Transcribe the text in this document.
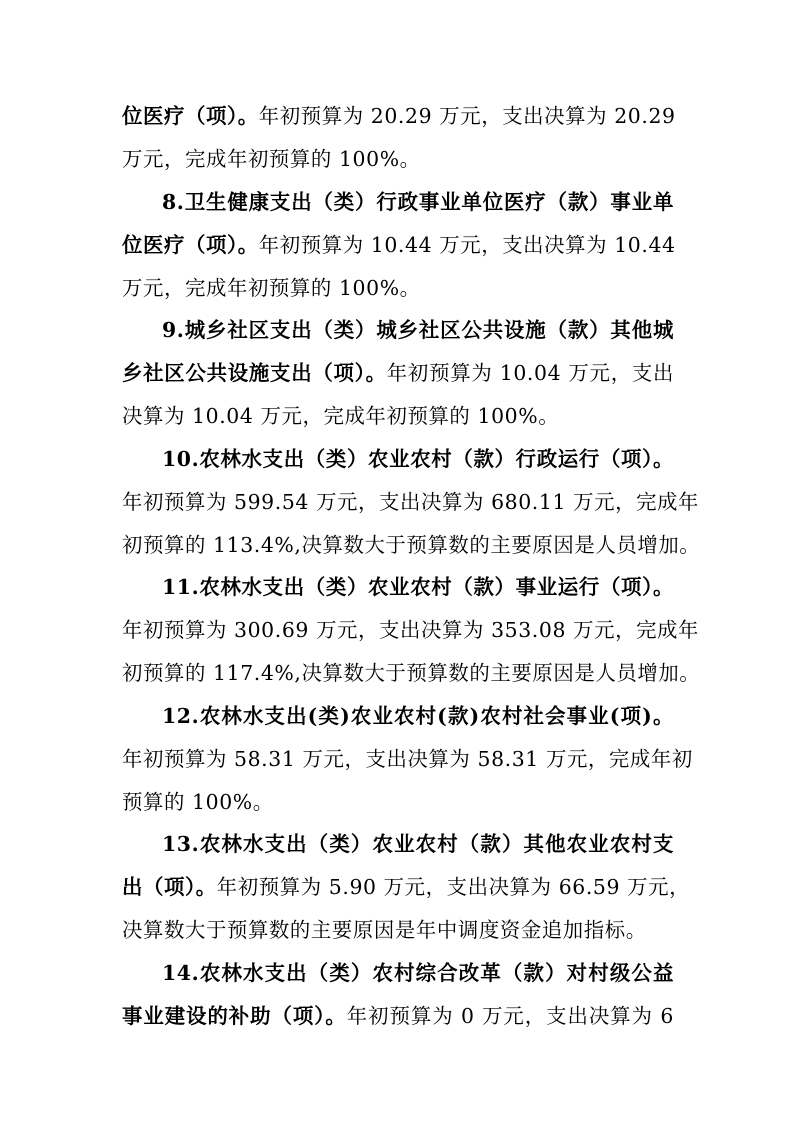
位医疗（项）。年初预算为 20.29 万元，支出决算为 20.29
万元，完成年初预算的 100%。
8.卫生健康支出（类）行政事业单位医疗（款）事业单
位医疗（项）。年初预算为 10.44 万元，支出决算为 10.44
万元，完成年初预算的 100%。
9.城乡社区支出（类）城乡社区公共设施（款）其他城
乡社区公共设施支出（项）。年初预算为 10.04 万元，支出
决算为 10.04 万元，完成年初预算的 100%。
10.农林水支出（类）农业农村（款）行政运行（项）。
年初预算为 599.54 万元，支出决算为 680.11 万元，完成年
初预算的 113.4%,决算数大于预算数的主要原因是人员增加。
11.农林水支出（类）农业农村（款）事业运行（项）。
年初预算为 300.69 万元，支出决算为 353.08 万元，完成年
初预算的 117.4%,决算数大于预算数的主要原因是人员增加。
12.农林水支出(类)农业农村(款)农村社会事业(项)。
年初预算为 58.31 万元，支出决算为 58.31 万元，完成年初
预算的 100%。
13.农林水支出（类）农业农村（款）其他农业农村支
出（项）。年初预算为 5.90 万元，支出决算为 66.59 万元，
决算数大于预算数的主要原因是年中调度资金追加指标。
14.农林水支出（类）农村综合改革（款）对村级公益
事业建设的补助（项）。年初预算为 0 万元，支出决算为 6
